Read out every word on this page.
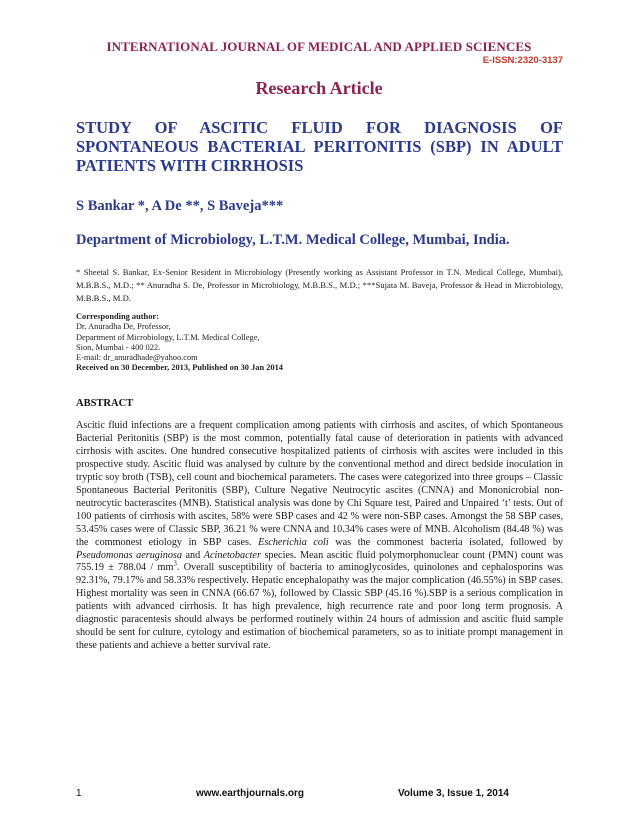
INTERNATIONAL JOURNAL OF MEDICAL AND APPLIED SCIENCES
E-ISSN:2320-3137
Research Article
STUDY OF ASCITIC FLUID FOR DIAGNOSIS OF SPONTANEOUS BACTERIAL PERITONITIS (SBP) IN ADULT PATIENTS WITH CIRRHOSIS
S Bankar *, A De **, S Baveja***
Department of Microbiology, L.T.M. Medical College, Mumbai, India.
* Sheetal S. Bankar, Ex-Senior Resident in Microbiology (Presently working as Assistant Professor in T.N. Medical College, Mumbai), M.B.B.S., M.D.; ** Anuradha S. De, Professor in Microbiology, M.B.B.S., M.D.; ***Sujata M. Baveja, Professor & Head in Microbiology, M.B.B.S., M.D.
Corresponding author:
Dr. Anuradha De, Professor,
Department of Microbiology, L.T.M. Medical College,
Sion, Mumbai - 400 022.
E-mail: dr_anuradhade@yahoo.com
Received on 30 December, 2013, Published on 30 Jan 2014
ABSTRACT
Ascitic fluid infections are a frequent complication among patients with cirrhosis and ascites, of which Spontaneous Bacterial Peritonitis (SBP) is the most common, potentially fatal cause of deterioration in patients with advanced cirrhosis with ascites. One hundred consecutive hospitalized patients of cirrhosis with ascites were included in this prospective study. Ascitic fluid was analysed by culture by the conventional method and direct bedside inoculation in tryptic soy broth (TSB), cell count and biochemical parameters. The cases were categorized into three groups – Classic Spontaneous Bacterial Peritonitis (SBP), Culture Negative Neutrocytic ascites (CNNA) and Mononicrobial non-neutrocytic bacterascites (MNB). Statistical analysis was done by Chi Square test, Paired and Unpaired ‘t’ tests. Out of 100 patients of cirrhosis with ascites, 58% were SBP cases and 42 % were non-SBP cases. Amongst the 58 SBP cases, 53.45% cases were of Classic SBP, 36.21 % were CNNA and 10.34% cases were of MNB. Alcoholism (84.48 %) was the commonest etiology in SBP cases. Escherichia coli was the commonest bacteria isolated, followed by Pseudomonas aeruginosa and Acinetobacter species. Mean ascitic fluid polymorphonuclear count (PMN) count was $755.19 \pm 788.04 / mm^3$. Overall susceptibility of bacteria to aminoglycosides, quinolones and cephalosporins was 92.31%, 79.17% and 58.33% respectively. Hepatic encephalopathy was the major complication (46.55%) in SBP cases. Highest mortality was seen in CNNA (66.67 %), followed by Classic SBP (45.16 %).SBP is a serious complication in patients with advanced cirrhosis. It has high prevalence, high recurrence rate and poor long term prognosis. A diagnostic paracentesis should always be performed routinely within 24 hours of admission and ascitic fluid sample should be sent for culture, cytology and estimation of biochemical parameters, so as to initiate prompt management in these patients and achieve a better survival rate.
1	www.earthjournals.org	Volume 3, Issue 1, 2014
